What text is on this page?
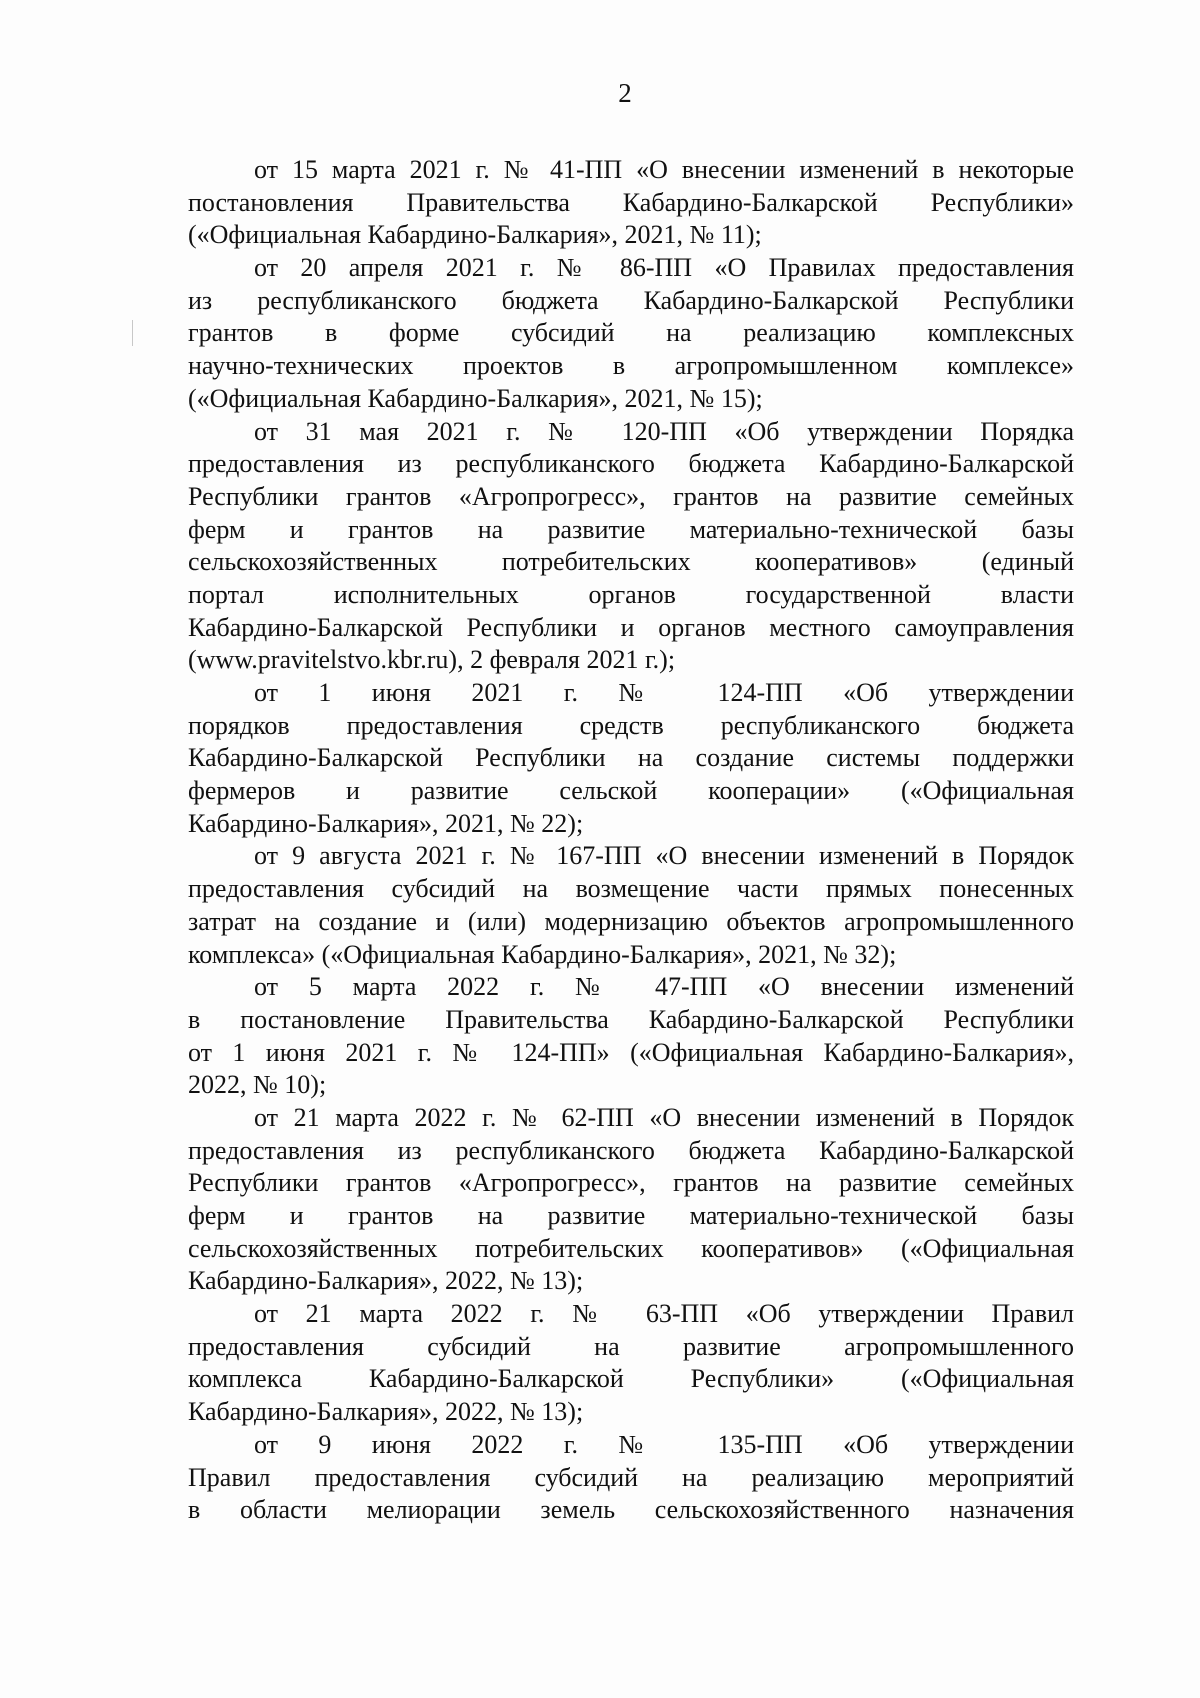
2
от 15 марта 2021 г. № 41-ПП «О внесении изменений в некоторые
постановления Правительства Кабардино-Балкарской Республики»
(«Официальная Кабардино-Балкария», 2021, № 11);
от 20 апреля 2021 г. № 86-ПП «О Правилах предоставления
из республиканского бюджета Кабардино-Балкарской Республики
грантов в форме субсидий на реализацию комплексных
научно-технических проектов в агропромышленном комплексе»
(«Официальная Кабардино-Балкария», 2021, № 15);
от 31 мая 2021 г. № 120-ПП «Об утверждении Порядка
предоставления из республиканского бюджета Кабардино-Балкарской
Республики грантов «Агропрогресс», грантов на развитие семейных
ферм и грантов на развитие материально-технической базы
сельскохозяйственных потребительских кооперативов» (единый
портал исполнительных органов государственной власти
Кабардино-Балкарской Республики и органов местного самоуправления
(www.pravitelstvo.kbr.ru), 2 февраля 2021 г.);
от 1 июня 2021 г. № 124-ПП «Об утверждении
порядков предоставления средств республиканского бюджета
Кабардино-Балкарской Республики на создание системы поддержки
фермеров и развитие сельской кооперации» («Официальная
Кабардино-Балкария», 2021, № 22);
от 9 августа 2021 г. № 167-ПП «О внесении изменений в Порядок
предоставления субсидий на возмещение части прямых понесенных
затрат на создание и (или) модернизацию объектов агропромышленного
комплекса» («Официальная Кабардино-Балкария», 2021, № 32);
от 5 марта 2022 г. № 47-ПП «О внесении изменений
в постановление Правительства Кабардино-Балкарской Республики
от 1 июня 2021 г. № 124-ПП» («Официальная Кабардино-Балкария»,
2022, № 10);
от 21 марта 2022 г. № 62-ПП «О внесении изменений в Порядок
предоставления из республиканского бюджета Кабардино-Балкарской
Республики грантов «Агропрогресс», грантов на развитие семейных
ферм и грантов на развитие материально-технической базы
сельскохозяйственных потребительских кооперативов» («Официальная
Кабардино-Балкария», 2022, № 13);
от 21 марта 2022 г. № 63-ПП «Об утверждении Правил
предоставления субсидий на развитие агропромышленного
комплекса Кабардино-Балкарской Республики» («Официальная
Кабардино-Балкария», 2022, № 13);
от 9 июня 2022 г. № 135-ПП «Об утверждении
Правил предоставления субсидий на реализацию мероприятий
в области мелиорации земель сельскохозяйственного назначения
